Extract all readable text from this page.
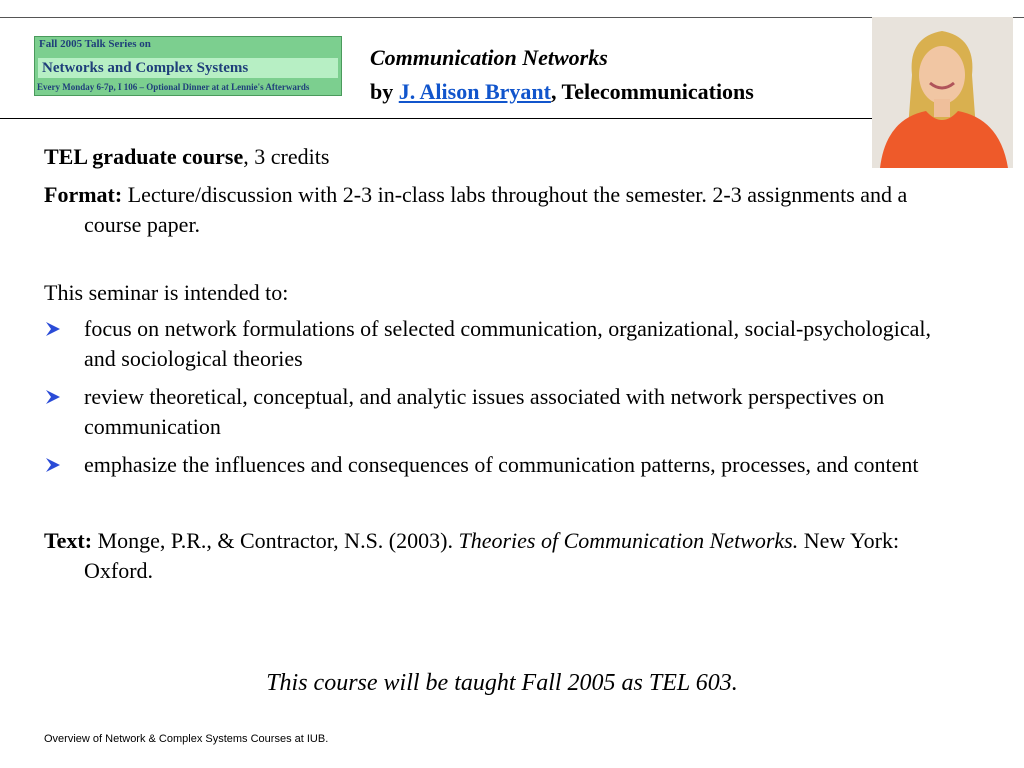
Fall 2005 Talk Series on
Networks and Complex Systems
Every Monday 6-7p, I 106 – Optional Dinner at at Lennie's Afterwards
Communication Networks
by J. Alison Bryant, Telecommunications

TEL graduate course, 3 credits

Format: Lecture/discussion with 2-3 in-class labs throughout the semester. 2-3 assignments and a course paper.

This seminar is intended to:

focus on network formulations of selected communication, organizational, social-psychological, and sociological theories
review theoretical, conceptual, and analytic issues associated with network perspectives on communication
emphasize the influences and consequences of communication patterns, processes, and content

Text: Monge, P.R., & Contractor, N.S. (2003). Theories of Communication Networks. New York: Oxford.

This course will be taught Fall 2005 as TEL 603.
Overview of Network & Complex Systems Courses at IUB.
